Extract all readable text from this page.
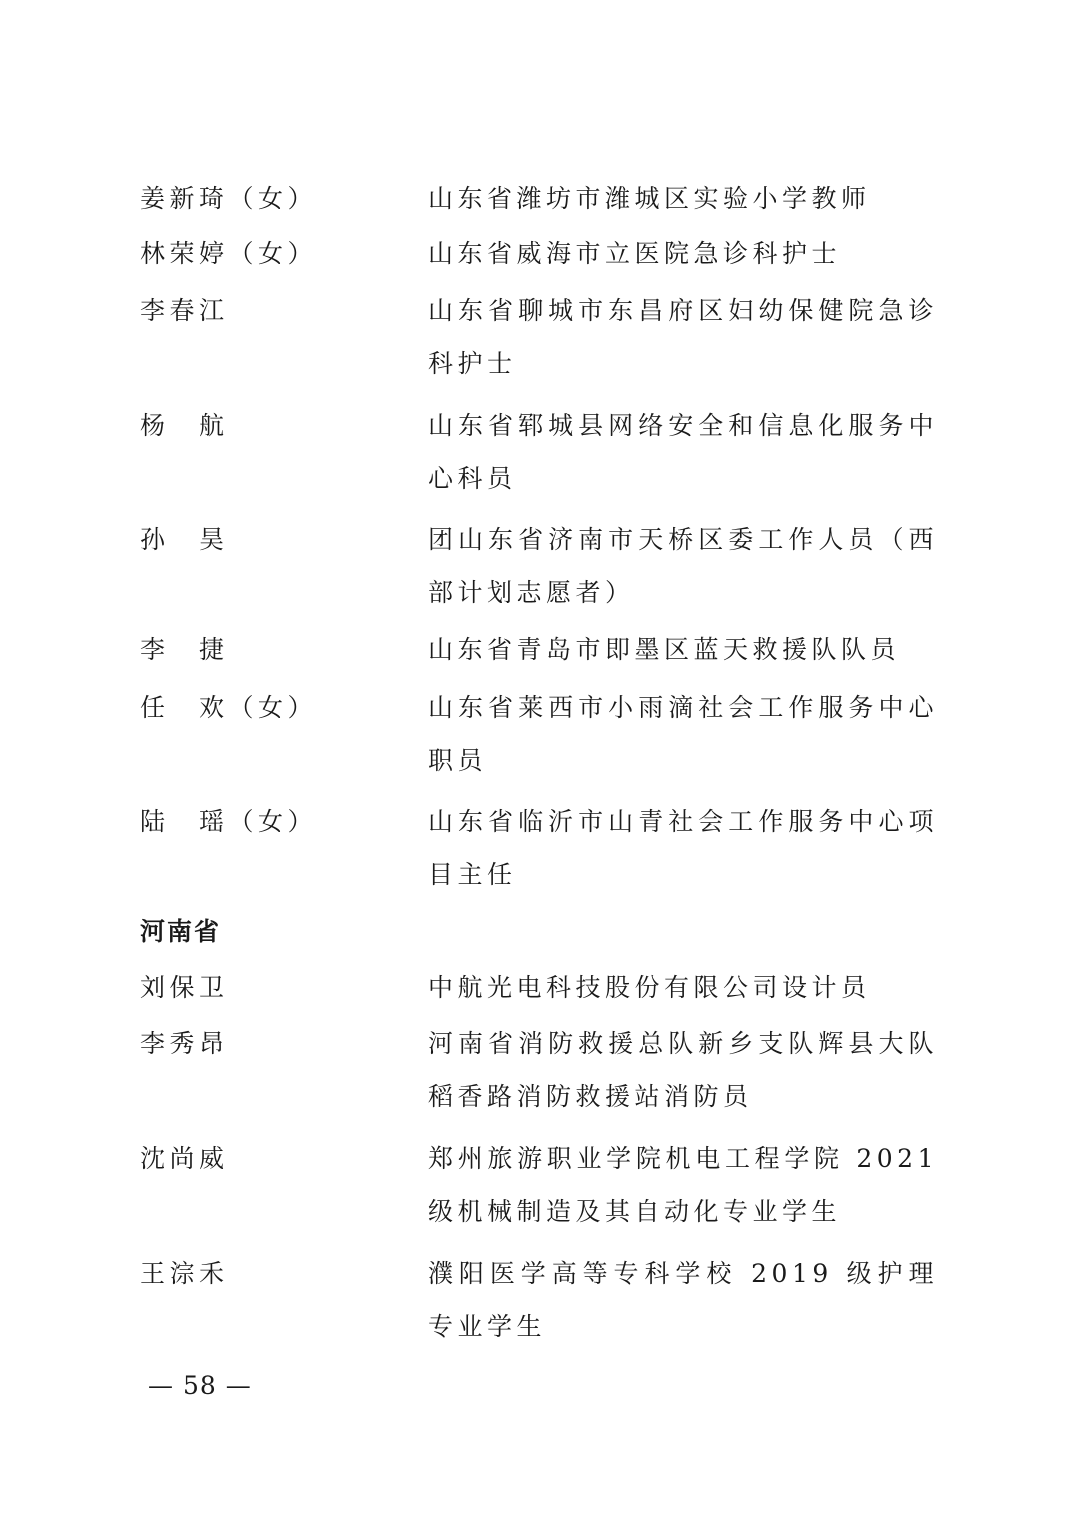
姜新琦（女）	山东省潍坊市潍城区实验小学教师
林荣婷（女）	山东省威海市立医院急诊科护士
李春江	山东省聊城市东昌府区妇幼保健院急诊科护士
杨　航	山东省郓城县网络安全和信息化服务中心科员
孙　昊	团山东省济南市天桥区委工作人员（西部计划志愿者）
李　捷	山东省青岛市即墨区蓝天救援队队员
任　欢（女）	山东省莱西市小雨滴社会工作服务中心职员
陆　瑶（女）	山东省临沂市山青社会工作服务中心项目主任
河南省
刘保卫	中航光电科技股份有限公司设计员
李秀昂	河南省消防救援总队新乡支队辉县大队稻香路消防救援站消防员
沈尚威	郑州旅游职业学院机电工程学院 2021 级机械制造及其自动化专业学生
王淙禾	濮阳医学高等专科学校 2019 级护理专业学生
— 58 —
